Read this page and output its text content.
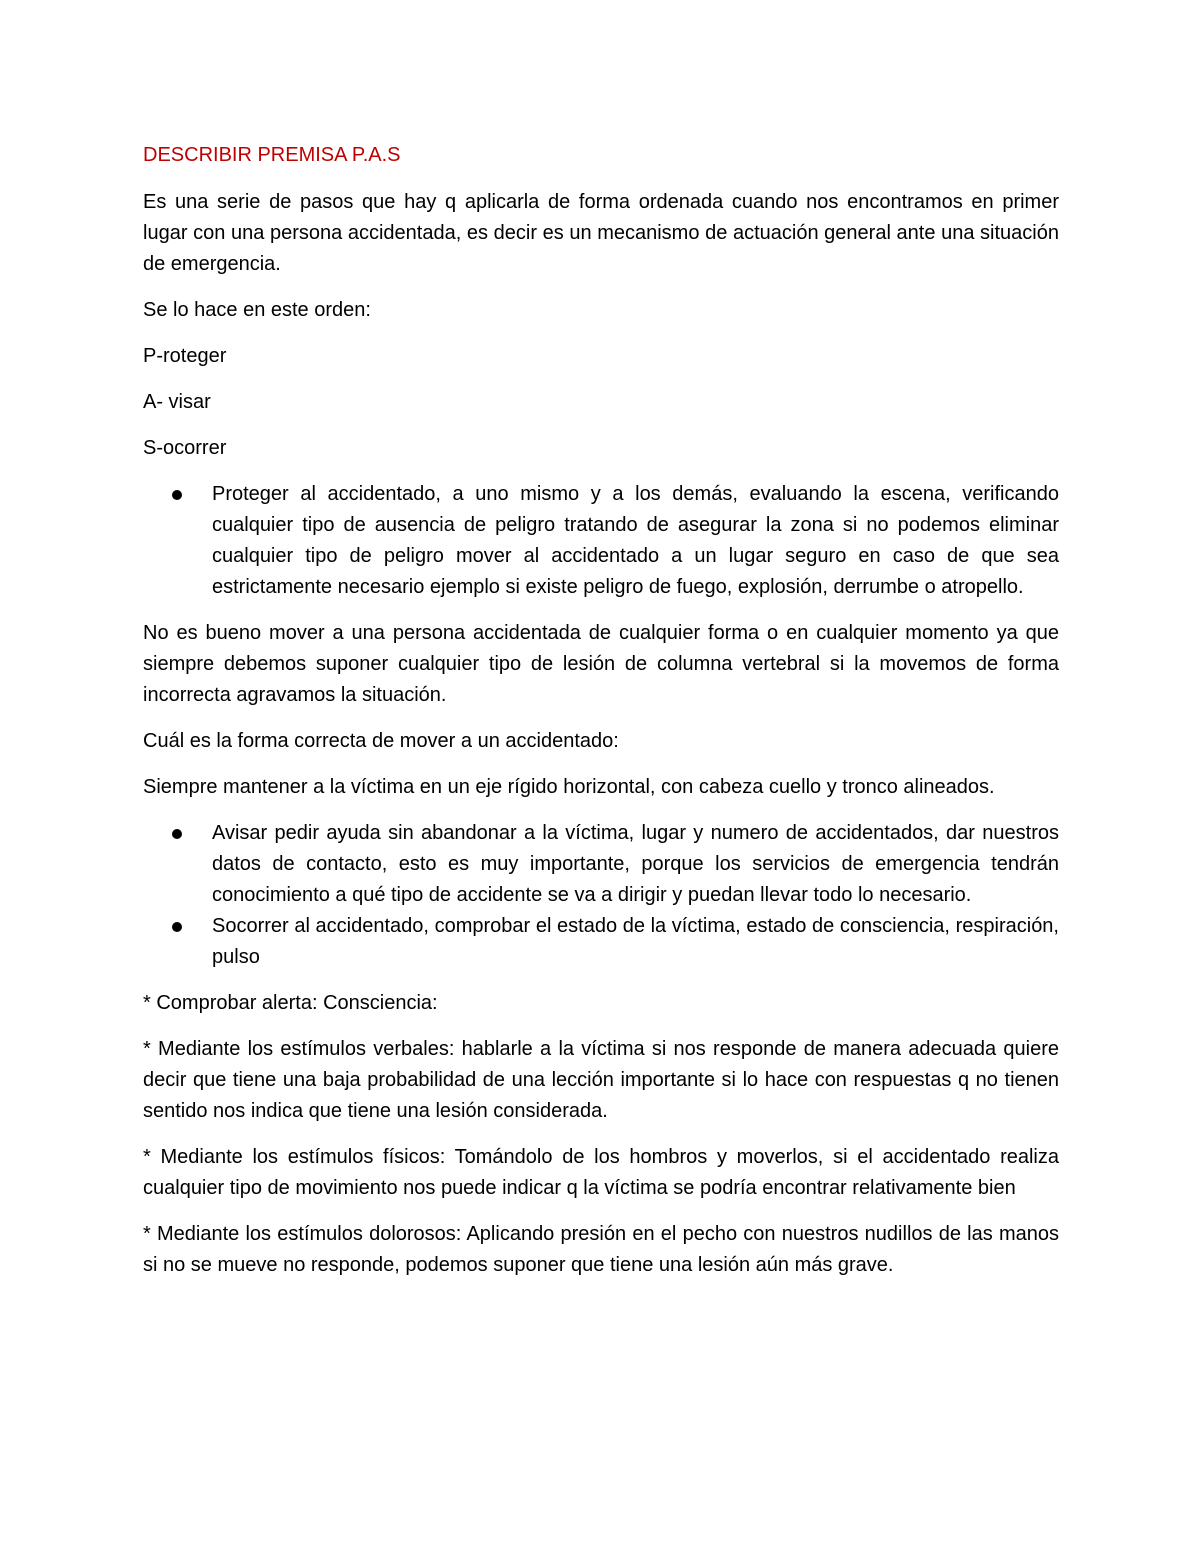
DESCRIBIR PREMISA P.A.S

Es una serie de pasos que hay q aplicarla de forma ordenada cuando nos encontramos en primer lugar con una persona accidentada, es decir es un mecanismo de actuación general ante una situación de emergencia.

Se lo hace en este orden:

P-roteger

A- visar

S-ocorrer

Proteger al accidentado, a uno mismo y a los demás, evaluando la escena, verificando cualquier tipo de ausencia de peligro tratando de asegurar la zona si no podemos eliminar cualquier tipo de peligro mover al accidentado a un lugar seguro en caso de que sea estrictamente necesario ejemplo si existe peligro de fuego, explosión, derrumbe o atropello.

No es bueno mover a una persona accidentada de cualquier forma o en cualquier momento ya que siempre debemos suponer cualquier tipo de lesión de columna vertebral si la movemos de forma incorrecta agravamos la situación.

Cuál es la forma correcta de mover a un accidentado:

Siempre mantener a la víctima en un eje rígido horizontal, con cabeza cuello y tronco alineados.

Avisar pedir ayuda sin abandonar a la víctima, lugar y numero de accidentados, dar nuestros datos de contacto, esto es muy importante, porque los servicios de emergencia tendrán conocimiento a qué tipo de accidente se va a dirigir y puedan llevar todo lo necesario.
Socorrer al accidentado, comprobar el estado de la víctima, estado de consciencia, respiración, pulso

* Comprobar alerta: Consciencia:

* Mediante los estímulos verbales: hablarle a la víctima si nos responde de manera adecuada quiere decir que tiene una baja probabilidad de una lección importante si lo hace con respuestas q no tienen sentido nos indica que tiene una lesión considerada.

* Mediante los estímulos físicos: Tomándolo de los hombros y moverlos, si el accidentado realiza cualquier tipo de movimiento nos puede indicar q la víctima se podría encontrar relativamente bien

* Mediante los estímulos dolorosos: Aplicando presión en el pecho con nuestros nudillos de las manos si no se mueve no responde, podemos suponer que tiene una lesión aún más grave.
